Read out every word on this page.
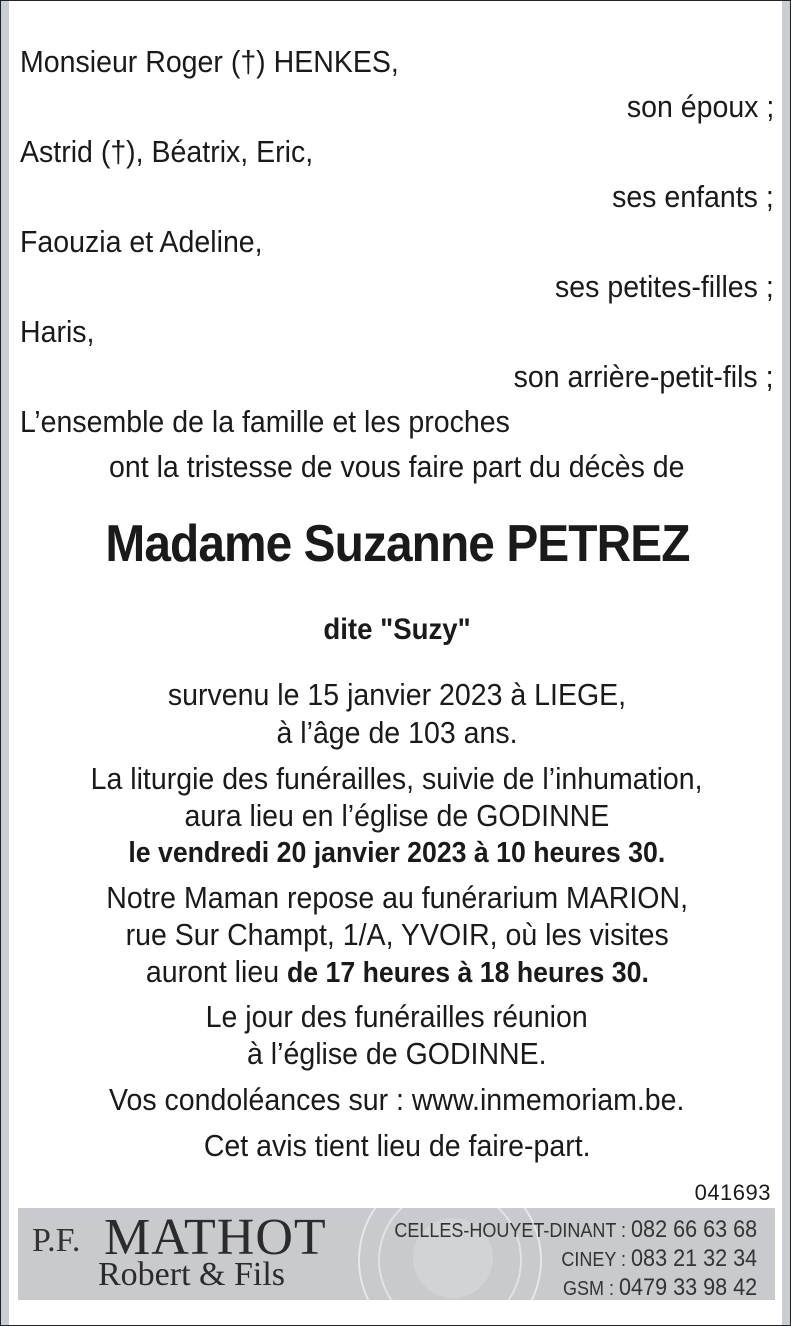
Monsieur Roger (†) HENKES,
son époux ;
Astrid (†), Béatrix, Eric,
ses enfants ;
Faouzia et Adeline,
ses petites-filles ;
Haris,
son arrière-petit-fils ;
L’ensemble de la famille et les proches
ont la tristesse de vous faire part du décès de
Madame Suzanne PETREZ
dite "Suzy"
survenu le 15 janvier 2023 à LIEGE,
à l’âge de 103 ans.
La liturgie des funérailles, suivie de l’inhumation,
aura lieu en l’église de GODINNE
le vendredi 20 janvier 2023 à 10 heures 30.
Notre Maman repose au funérarium MARION,
rue Sur Champt, 1/A, YVOIR, où les visites
auront lieu de 17 heures à 18 heures 30.
Le jour des funérailles réunion
à l’église de GODINNE.
Vos condoléances sur : www.inmemoriam.be.
Cet avis tient lieu de faire-part.
041693
P.F. MATHOT
Robert & Fils
CELLES-HOUYET-DINANT : 082 66 63 68
CINEY : 083 21 32 34
GSM : 0479 33 98 42
